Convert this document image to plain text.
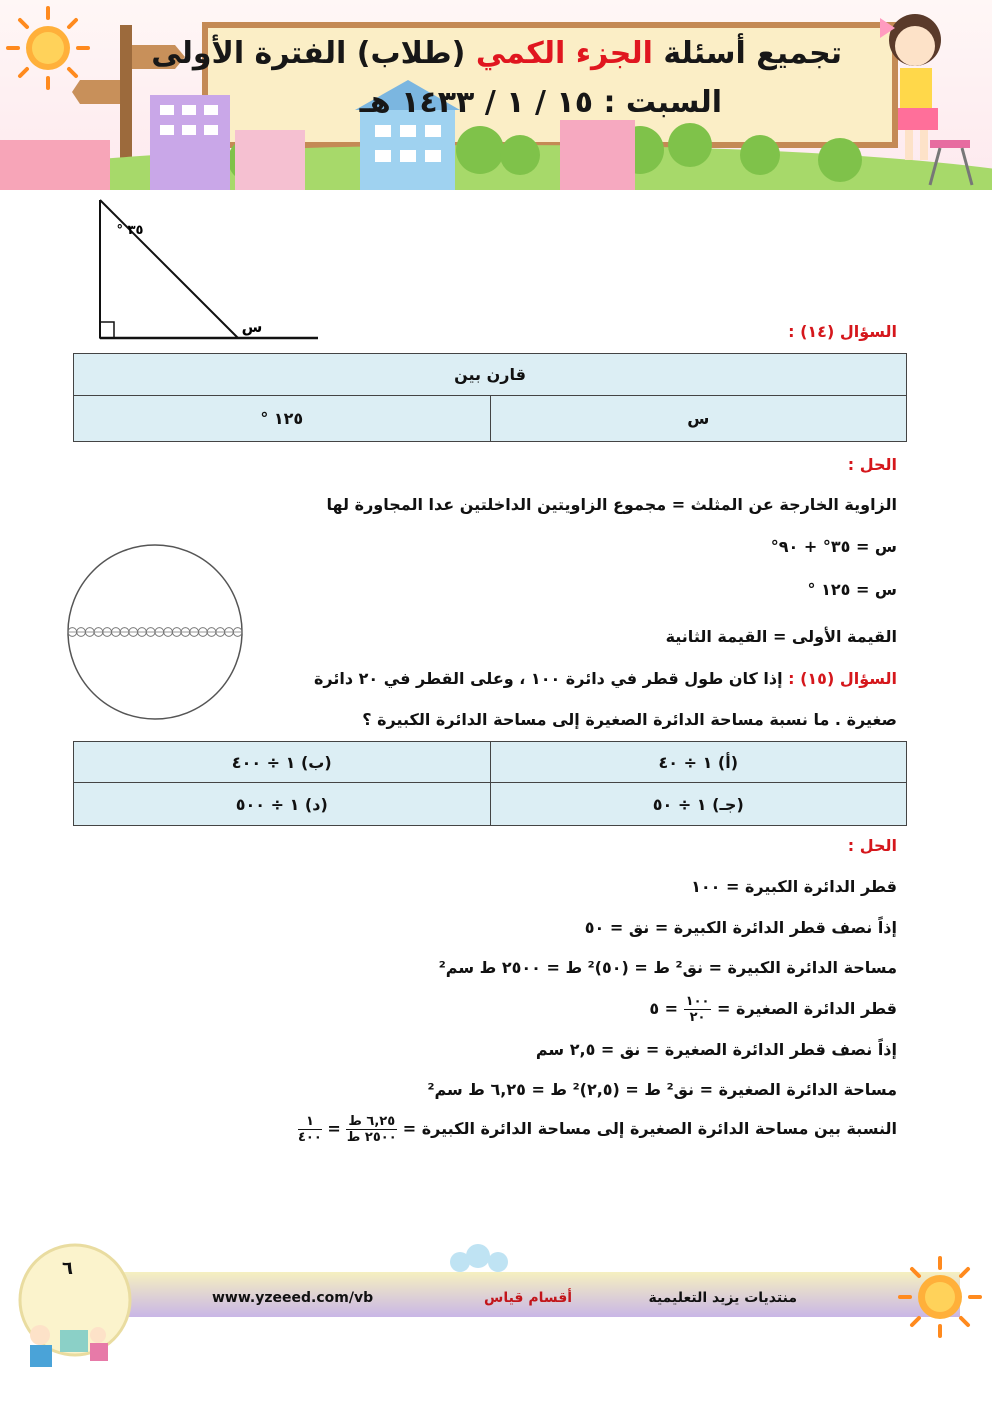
تجميع أسئلة الجزء الكمي (طلاب) الفترة الأولى
السبت : ١٥ / ١ / ١٤٣٣ هـ
٣٥ °
س	السؤال (١٤) :
قارن بين
س	١٢٥ °
الحل :
الزاوية الخارجة عن المثلث = مجموع الزاويتين الداخلتين عدا المجاورة لها
س = ٣٥° + ٩٠°
س = ١٢٥ °
القيمة الأولى = القيمة الثانية
السؤال (١٥) : إذا كان طول قطر في دائرة ١٠٠ ، وعلى القطر في ٢٠ دائرة
صغيرة . ما نسبة مساحة الدائرة الصغيرة إلى مساحة الدائرة الكبيرة ؟
(أ) ١ ÷ ٤٠	(ب) ١ ÷ ٤٠٠
(جـ) ١ ÷ ٥٠	(د) ١ ÷ ٥٠٠
الحل :
قطر الدائرة الكبيرة = ١٠٠
إذاً نصف قطر الدائرة الكبيرة = نق = ٥٠
مساحة الدائرة الكبيرة = نق² ط = (٥٠)² ط = ٢٥٠٠ ط سم²
قطر الدائرة الصغيرة =
$\frac{١٠٠}{٢٠}$
= ٥
إذاً نصف قطر الدائرة الصغيرة = نق = ٢,٥ سم
مساحة الدائرة الصغيرة = نق² ط = (٢,٥)² ط = ٦,٢٥ ط سم²
النسبة بين مساحة الدائرة الصغيرة إلى مساحة الدائرة الكبيرة =
$\frac{\text{٦,٢٥ ط}}{\text{٢٥٠٠ ط}}$
=
$\frac{١}{٤٠٠}$
٦
منتديات يزيد التعليمية
أقسام قياس
www.yzeeed.com/vb
